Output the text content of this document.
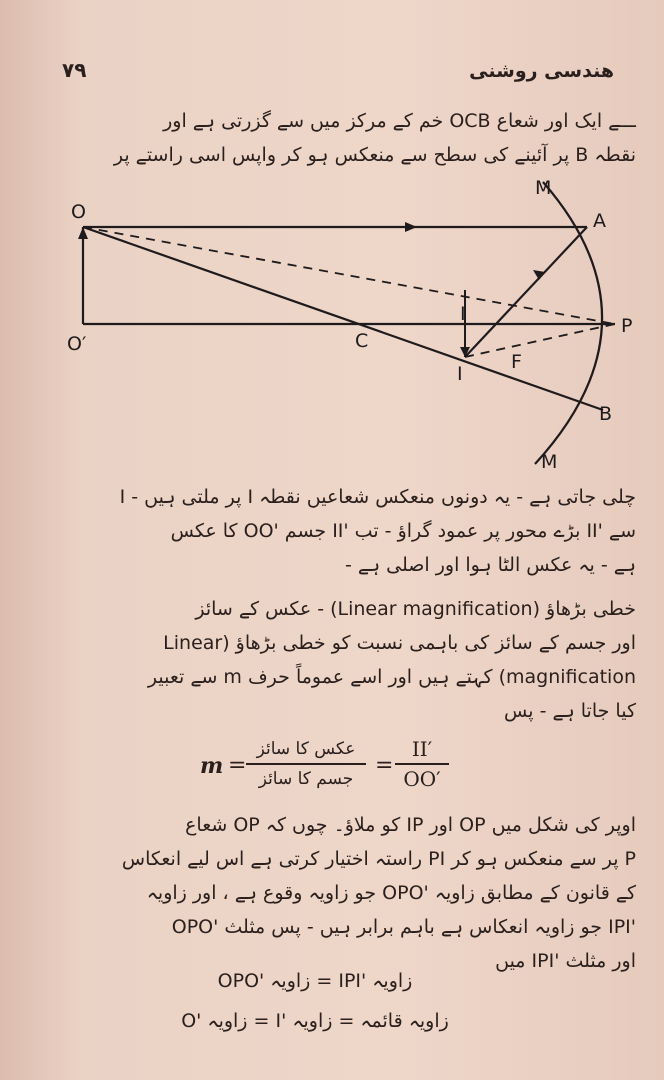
۷۹	هندسی روشنی

ـــے ایک اور شعاع OCB خم کے مرکز میں سے گزرتی ہے اور

نقطہ B پر آئینے کی سطح سے منعکس ہو کر واپس اسی راستے پر

O
O′	C
A
P
I
I
F
B
M
M

چلی جاتی ہے - یہ دونوں منعکس شعاعیں نقطہ I پر ملتی ہیں - I

سے 'II بڑے محور پر عمود گراؤ - تب 'II جسم 'OO کا عکس

ہے - یہ عکس الٹا ہوا اور اصلی ہے -

خطی بڑھاؤ (Linear magnification) - عکس کے سائز

اور جسم کے سائز کی باہمی نسبت کو خطی بڑھاؤ (Linear

magnification) کہتے ہیں اور اسے عموماً حرف m سے تعبیر

کیا جاتا ہے - پس

m =
عکس کا سائز
جسم کا سائز
=
II′
OO′

اوپر کی شکل میں OP اور IP کو ملاؤ۔ چوں کہ OP شعاع

P پر سے منعکس ہو کر PI راستہ اختیار کرتی ہے اس لیے انعکاس

کے قانون کے مطابق زاویہ 'OPO جو زاویہ وقوع ہے ، اور زاویہ

'IPI جو زاویہ انعکاس ہے باہم برابر ہیں - پس مثلث 'OPO

اور مثلث 'IPI میں

زاویہ 'IPI = زاویہ 'OPO
زاویہ قائمہ = زاویہ 'I = زاویہ 'O
